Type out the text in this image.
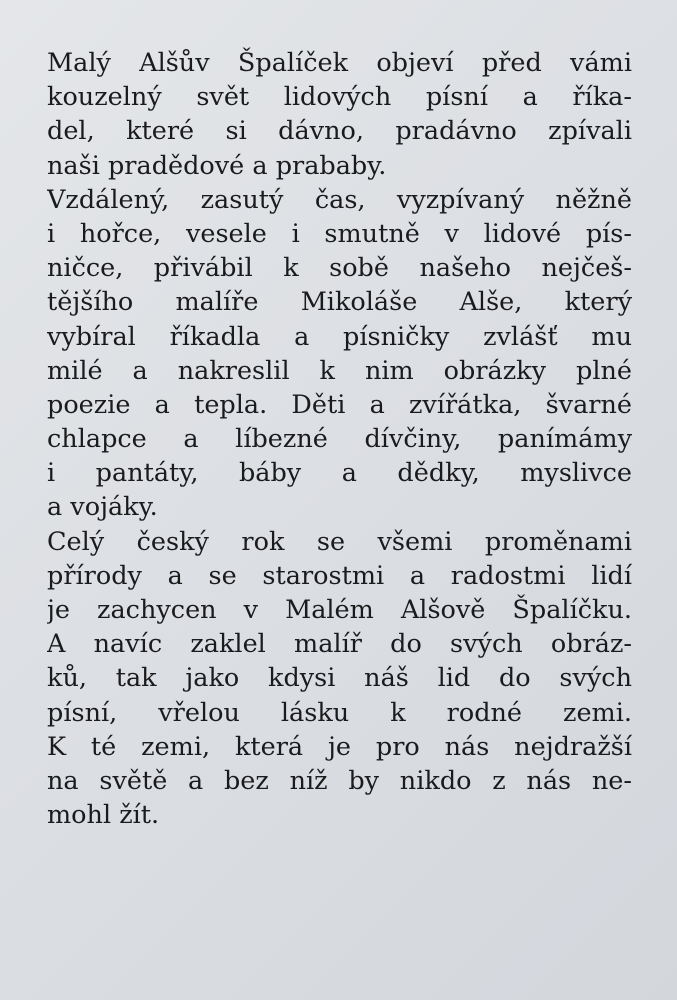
Malý Alšův Špalíček objeví před vámi
kouzelný svět lidových písní a říka-
del, které si dávno, pradávno zpívali
naši pradědové a prababy.
Vzdálený, zasutý čas, vyzpívaný něžně
i hořce, vesele i smutně v lidové pís-
ničce, přivábil k sobě našeho nejčeš-
tějšího malíře Mikoláše Alše, který
vybíral říkadla a písničky zvlášť mu
milé a nakreslil k nim obrázky plné
poezie a tepla. Děti a zvířátka, švarné
chlapce a líbezné dívčiny, panímámy
i pantáty, báby a dědky, myslivce
a vojáky.
Celý český rok se všemi proměnami
přírody a se starostmi a radostmi lidí
je zachycen v Malém Alšově Špalíčku.
A navíc zaklel malíř do svých obráz-
ků, tak jako kdysi náš lid do svých
písní, vřelou lásku k rodné zemi.
K té zemi, která je pro nás nejdražší
na světě a bez níž by nikdo z nás ne-
mohl žít.
